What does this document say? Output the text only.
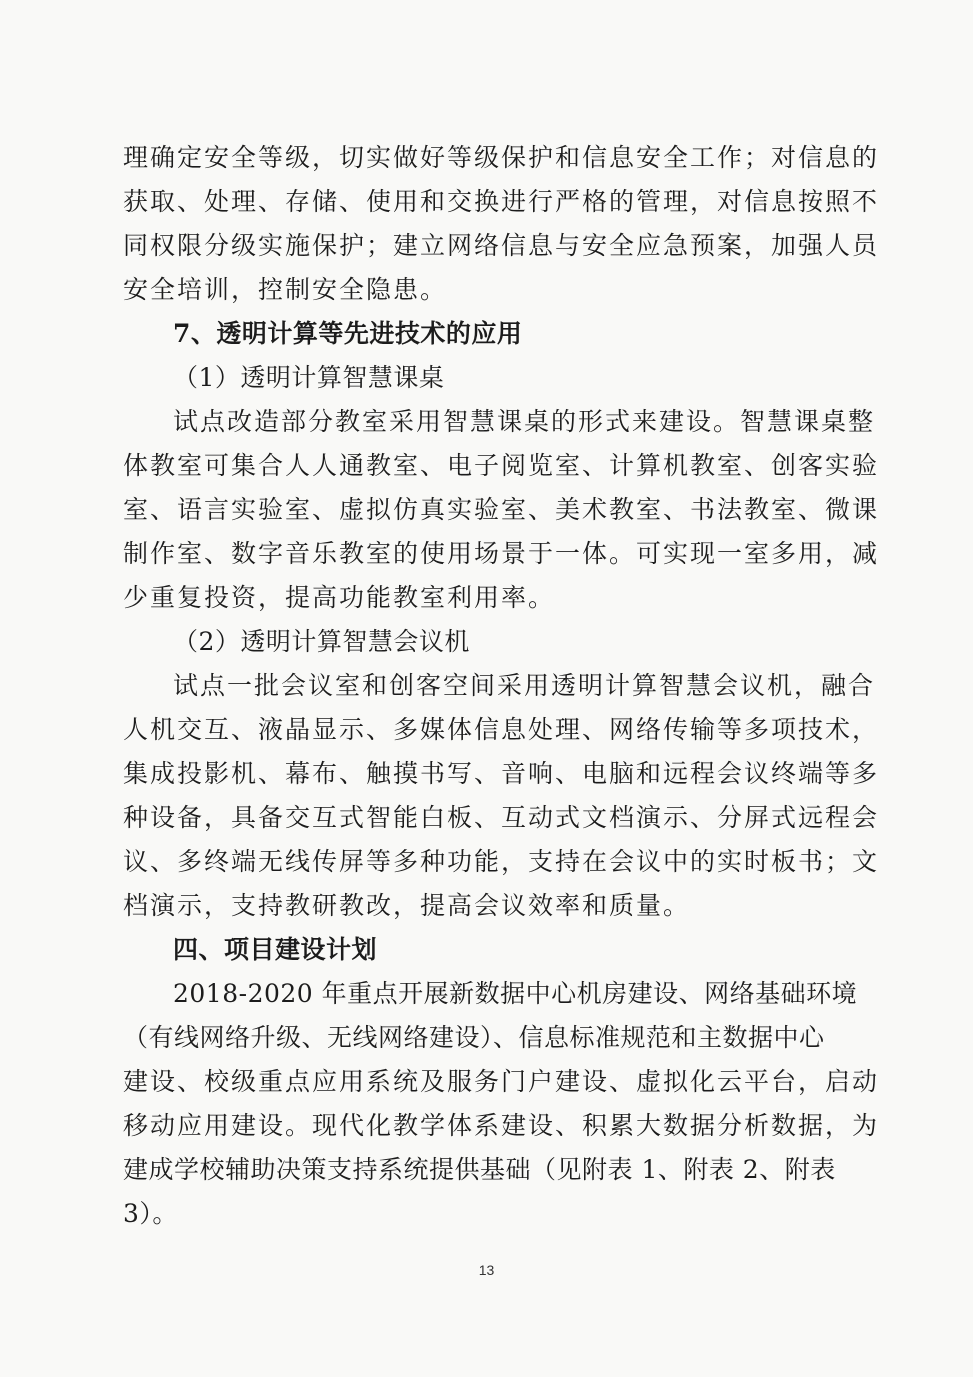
理确定安全等级，切实做好等级保护和信息安全工作；对信息的
获取、处理、存储、使用和交换进行严格的管理，对信息按照不
同权限分级实施保护；建立网络信息与安全应急预案，加强人员
安全培训，控制安全隐患。
7、透明计算等先进技术的应用
（1）透明计算智慧课桌
试点改造部分教室采用智慧课桌的形式来建设。智慧课桌整
体教室可集合人人通教室、电子阅览室、计算机教室、创客实验
室、语言实验室、虚拟仿真实验室、美术教室、书法教室、微课
制作室、数字音乐教室的使用场景于一体。可实现一室多用，减
少重复投资，提高功能教室利用率。
（2）透明计算智慧会议机
试点一批会议室和创客空间采用透明计算智慧会议机，融合
人机交互、液晶显示、多媒体信息处理、网络传输等多项技术，
集成投影机、幕布、触摸书写、音响、电脑和远程会议终端等多
种设备，具备交互式智能白板、互动式文档演示、分屏式远程会
议、多终端无线传屏等多种功能，支持在会议中的实时板书；文
档演示，支持教研教改，提高会议效率和质量。
四、项目建设计划
2018-2020 年重点开展新数据中心机房建设、网络基础环境
（有线网络升级、无线网络建设）、信息标准规范和主数据中心
建设、校级重点应用系统及服务门户建设、虚拟化云平台，启动
移动应用建设。现代化教学体系建设、积累大数据分析数据，为
建成学校辅助决策支持系统提供基础（见附表 1、附表 2、附表
3）。
13
